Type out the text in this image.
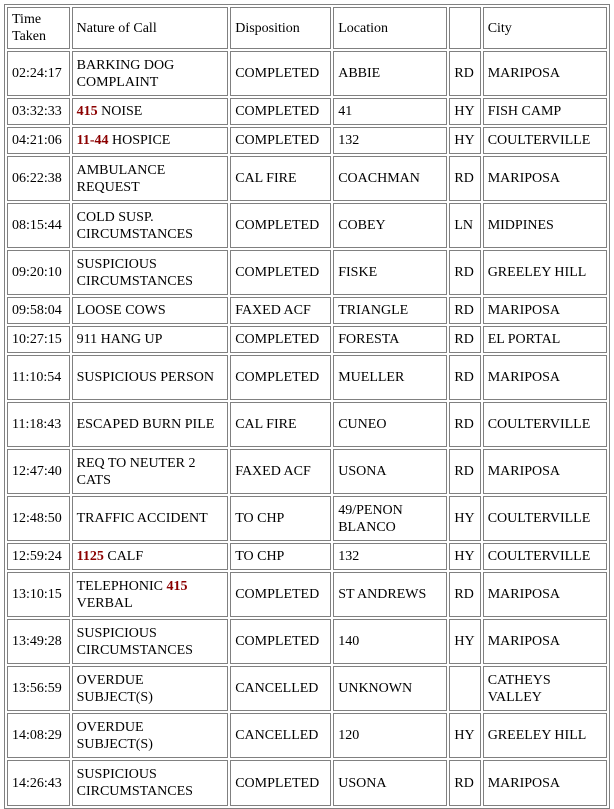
Time Taken	Nature of Call	Disposition	Location		City
02:24:17	BARKING DOG COMPLAINT	COMPLETED	ABBIE	RD	MARIPOSA
03:32:33	415 NOISE	COMPLETED	41	HY	FISH CAMP
04:21:06	11-44 HOSPICE	COMPLETED	132	HY	COULTERVILLE
06:22:38	AMBULANCE REQUEST	CAL FIRE	COACHMAN	RD	MARIPOSA
08:15:44	COLD SUSP. CIRCUMSTANCES	COMPLETED	COBEY	LN	MIDPINES
09:20:10	SUSPICIOUS CIRCUMSTANCES	COMPLETED	FISKE	RD	GREELEY HILL
09:58:04	LOOSE COWS	FAXED ACF	TRIANGLE	RD	MARIPOSA
10:27:15	911 HANG UP	COMPLETED	FORESTA	RD	EL PORTAL
11:10:54	SUSPICIOUS PERSON	COMPLETED	MUELLER	RD	MARIPOSA
11:18:43	ESCAPED BURN PILE	CAL FIRE	CUNEO	RD	COULTERVILLE
12:47:40	REQ TO NEUTER 2 CATS	FAXED ACF	USONA	RD	MARIPOSA
12:48:50	TRAFFIC ACCIDENT	TO CHP	49/PENON BLANCO	HY	COULTERVILLE
12:59:24	1125 CALF	TO CHP	132	HY	COULTERVILLE
13:10:15	TELEPHONIC 415 VERBAL	COMPLETED	ST ANDREWS	RD	MARIPOSA
13:49:28	SUSPICIOUS CIRCUMSTANCES	COMPLETED	140	HY	MARIPOSA
13:56:59	OVERDUE SUBJECT(S)	CANCELLED	UNKNOWN		CATHEYS VALLEY
14:08:29	OVERDUE SUBJECT(S)	CANCELLED	120	HY	GREELEY HILL
14:26:43	SUSPICIOUS CIRCUMSTANCES	COMPLETED	USONA	RD	MARIPOSA
